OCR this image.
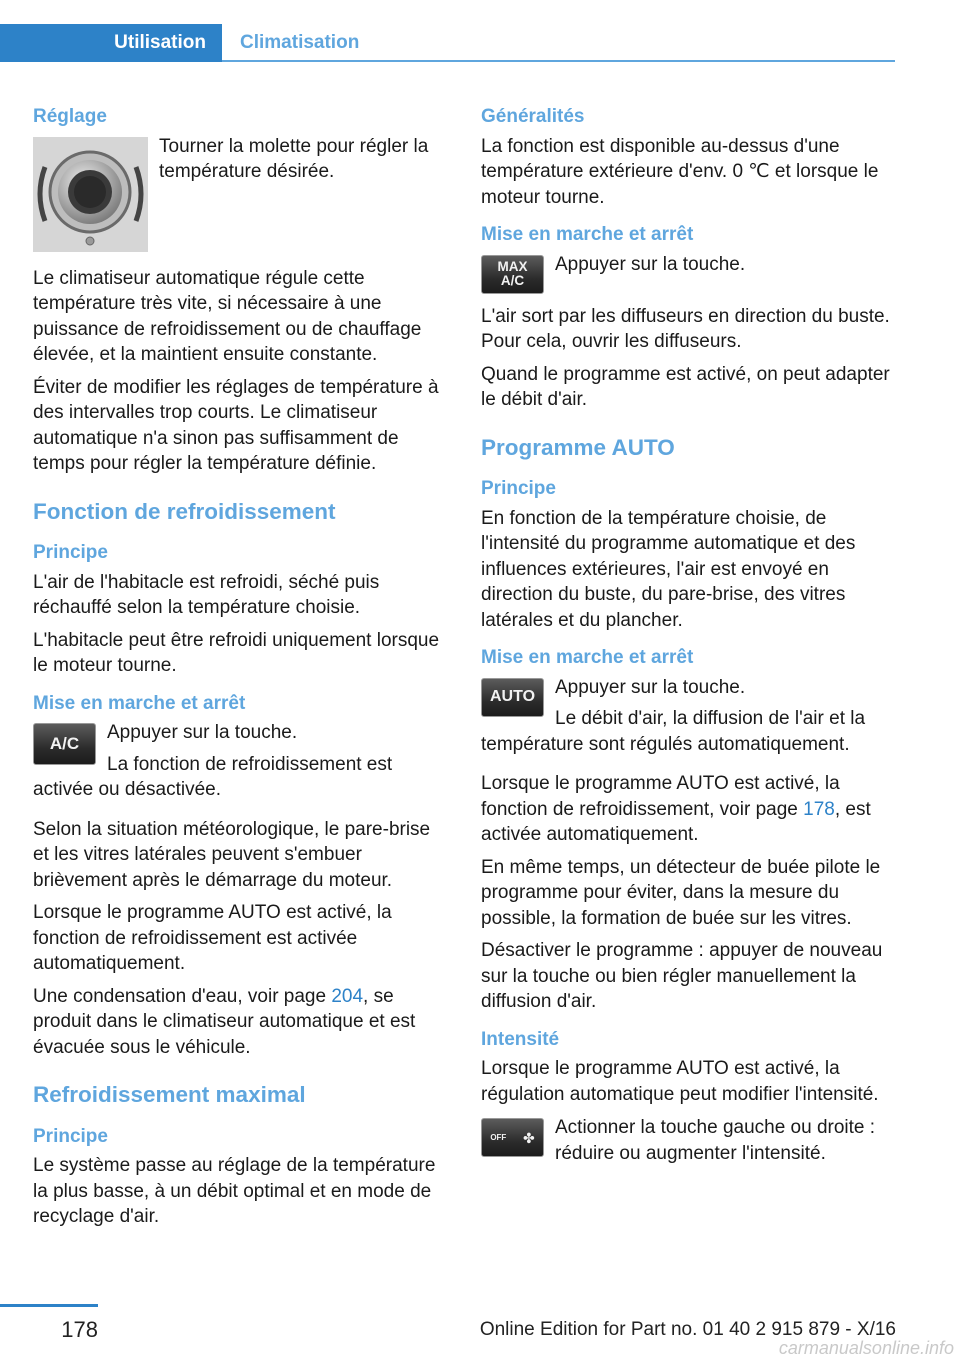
Utilisation	Climatisation
Réglage
Tourner la molette pour régler la température désirée.

Le climatiseur automatique régule cette température très vite, si nécessaire à une puissance de refroidissement ou de chauffage élevée, et la maintient ensuite constante.

Éviter de modifier les réglages de température à des intervalles trop courts. Le climatiseur automatique n'a sinon pas suffisamment de temps pour régler la température définie.

Fonction de refroidissement
Principe

L'air de l'habitacle est refroidi, séché puis réchauffé selon la température choisie.

L'habitacle peut être refroidi uniquement lorsque le moteur tourne.

Mise en marche et arrêt
A/C
Appuyer sur la touche.
La fonction de refroidissement est activée ou désactivée.

Selon la situation météorologique, le pare-brise et les vitres latérales peuvent s'embuer brièvement après le démarrage du moteur.

Lorsque le programme AUTO est activé, la fonction de refroidissement est activée automatiquement.

Une condensation d'eau, voir page 204, se produit dans le climatiseur automatique et est évacuée sous le véhicule.

Refroidissement maximal
Principe

Le système passe au réglage de la température la plus basse, à un débit optimal et en mode de recyclage d'air.

Généralités

La fonction est disponible au-dessus d'une température extérieure d'env. 0 ℃ et lorsque le moteur tourne.

Mise en marche et arrêt
MAX
A/C
Appuyer sur la touche.

L'air sort par les diffuseurs en direction du buste. Pour cela, ouvrir les diffuseurs.

Quand le programme est activé, on peut adapter le débit d'air.

Programme AUTO
Principe

En fonction de la température choisie, de l'intensité du programme automatique et des influences extérieures, l'air est envoyé en direction du buste, du pare-brise, des vitres latérales et du plancher.

Mise en marche et arrêt
AUTO	Appuyer sur la touche.
Le débit d'air, la diffusion de l'air et la température sont régulés automatiquement.

Lorsque le programme AUTO est activé, la fonction de refroidissement, voir page 178, est activée automatiquement.

En même temps, un détecteur de buée pilote le programme pour éviter, dans la mesure du possible, la formation de buée sur les vitres.

Désactiver le programme : appuyer de nouveau sur la touche ou bien régler manuellement la diffusion d'air.

Intensité

Lorsque le programme AUTO est activé, la régulation automatique peut modifier l'intensité.

OFF ✤ Actionner la touche gauche ou droite : réduire ou augmenter l'intensité.
178	Online Edition for Part no. 01 40 2 915 879 - X/16
carmanualsonline.info
